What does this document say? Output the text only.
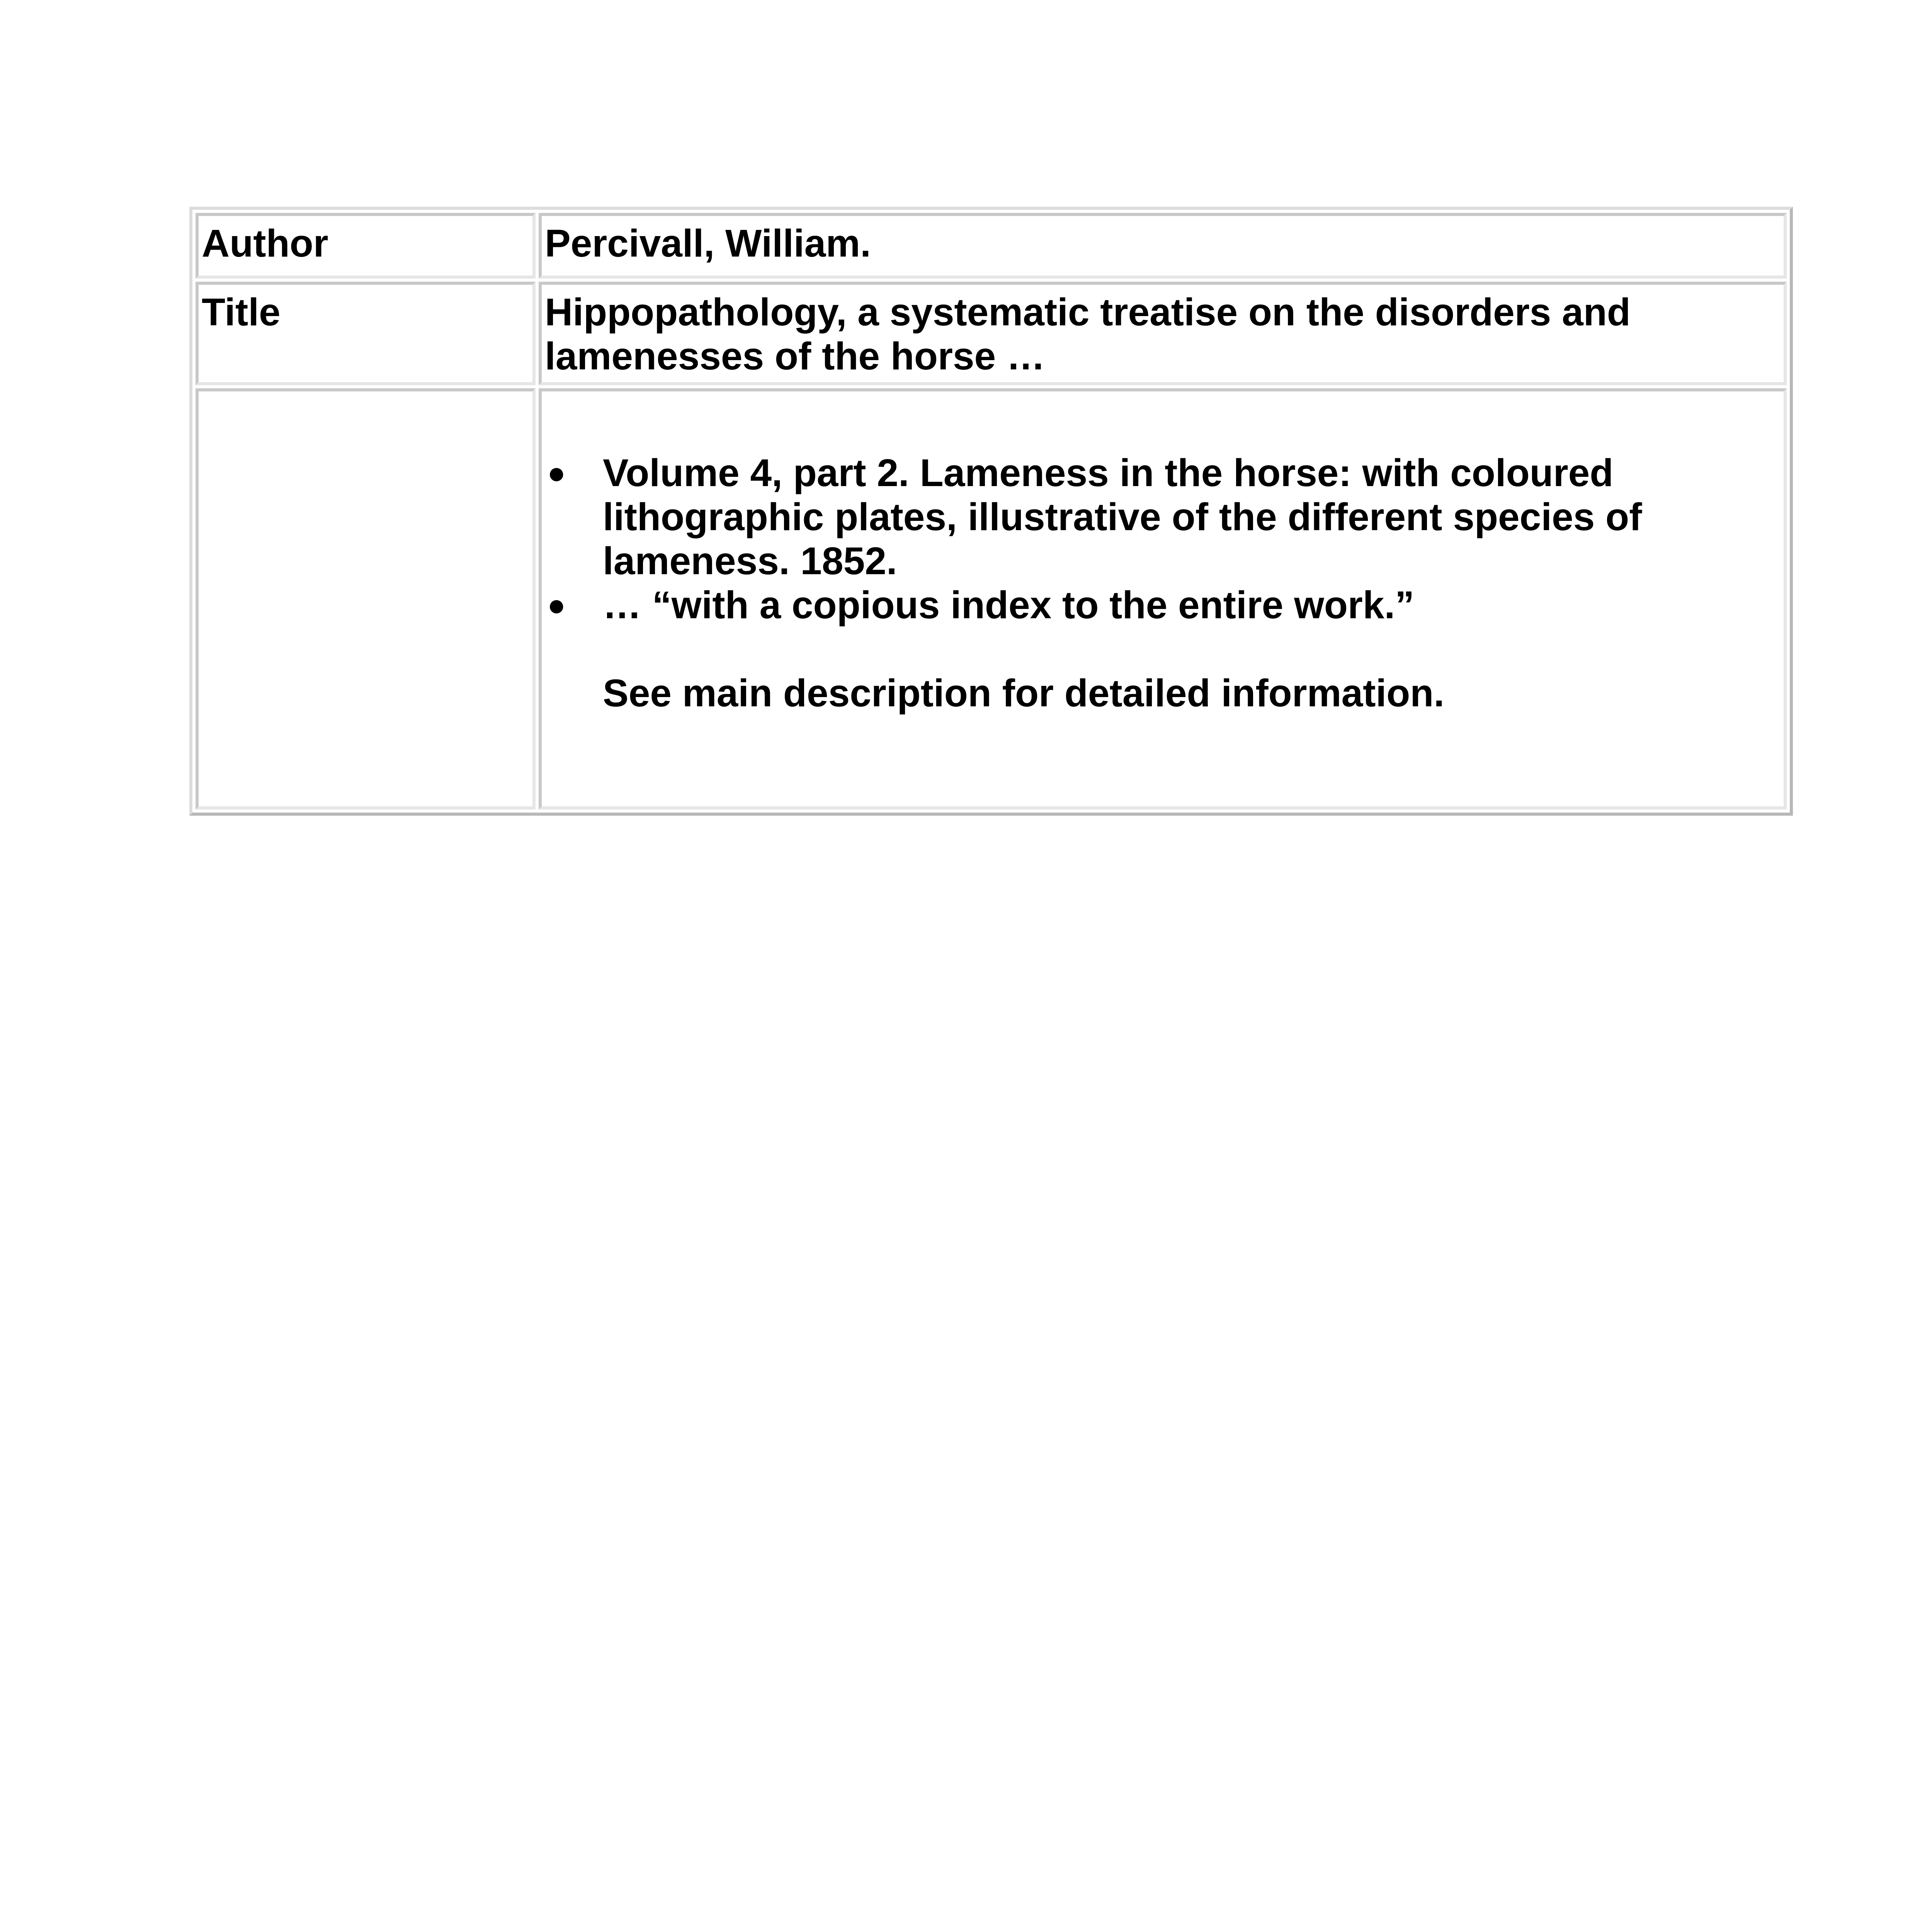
Author	Percivall, William.
Title	Hippopathology, a systematic treatise on the disorders and lamenesses of the horse …
● Volume 4, part 2. Lameness in the horse: with coloured lithographic plates, illustrative of the different species of lameness. 1852.
● … “with a copious index to the entire work.”
See main description for detailed information.
